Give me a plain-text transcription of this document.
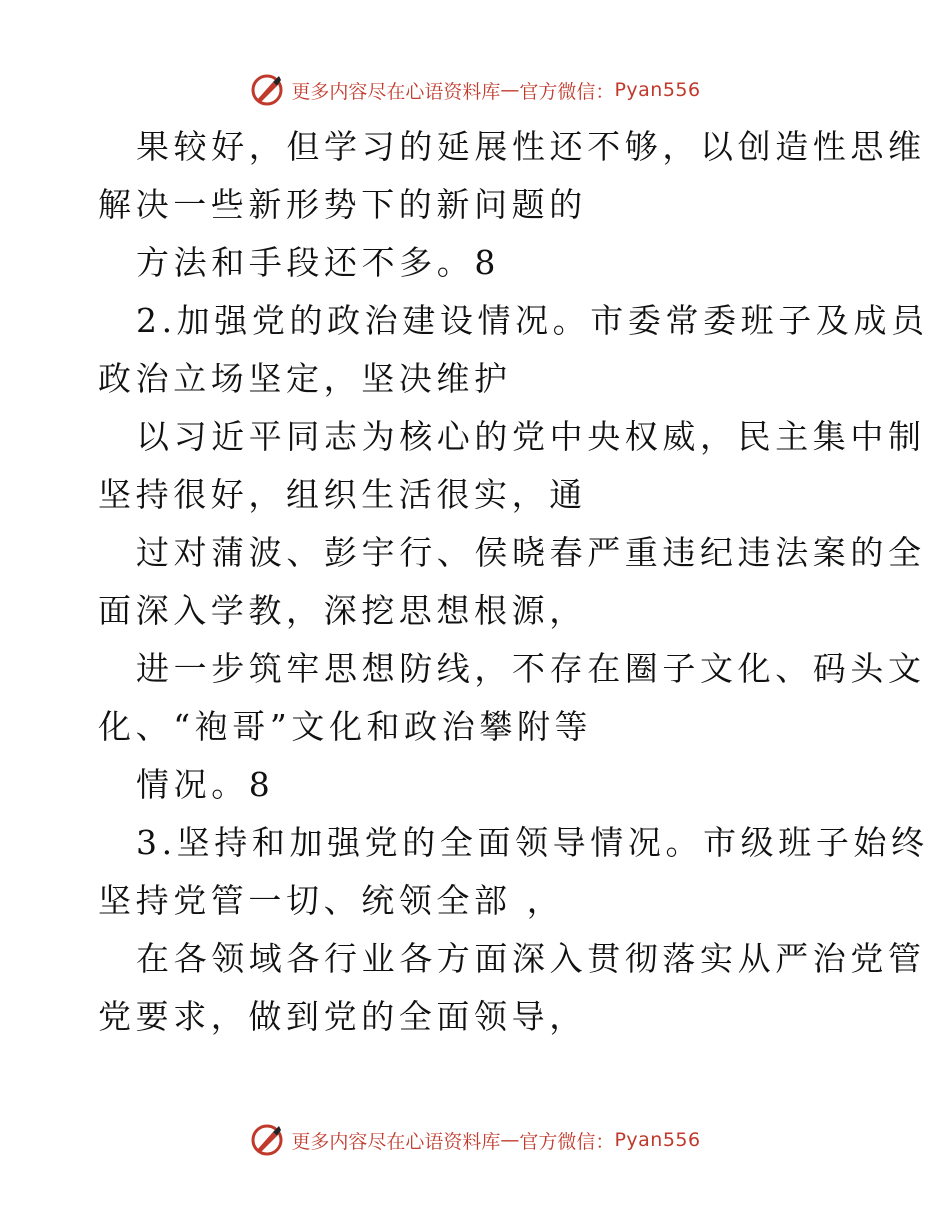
更多内容尽在心语资料库 — 官方微信： Pyan556
果较好，但学习的延展性还不够，以创造性思维
解决一些新形势下的新问题的
方法和手段还不多。8
2.加强党的政治建设情况。市委常委班子及成员
政治立场坚定，坚决维护
以习近平同志为核心的党中央权威，民主集中制
坚持很好，组织生活很实，通
过对蒲波、彭宇行、侯晓春严重违纪违法案的全
面深入学教，深挖思想根源，
进一步筑牢思想防线，不存在圈子文化、码头文
化、“袍哥”文化和政治攀附等
情况。8
3.坚持和加强党的全面领导情况。市级班子始终
坚持党管一切、统领全部 ，
在各领域各行业各方面深入贯彻落实从严治党管
党要求，做到党的全面领导，
更多内容尽在心语资料库 — 官方微信： Pyan556
